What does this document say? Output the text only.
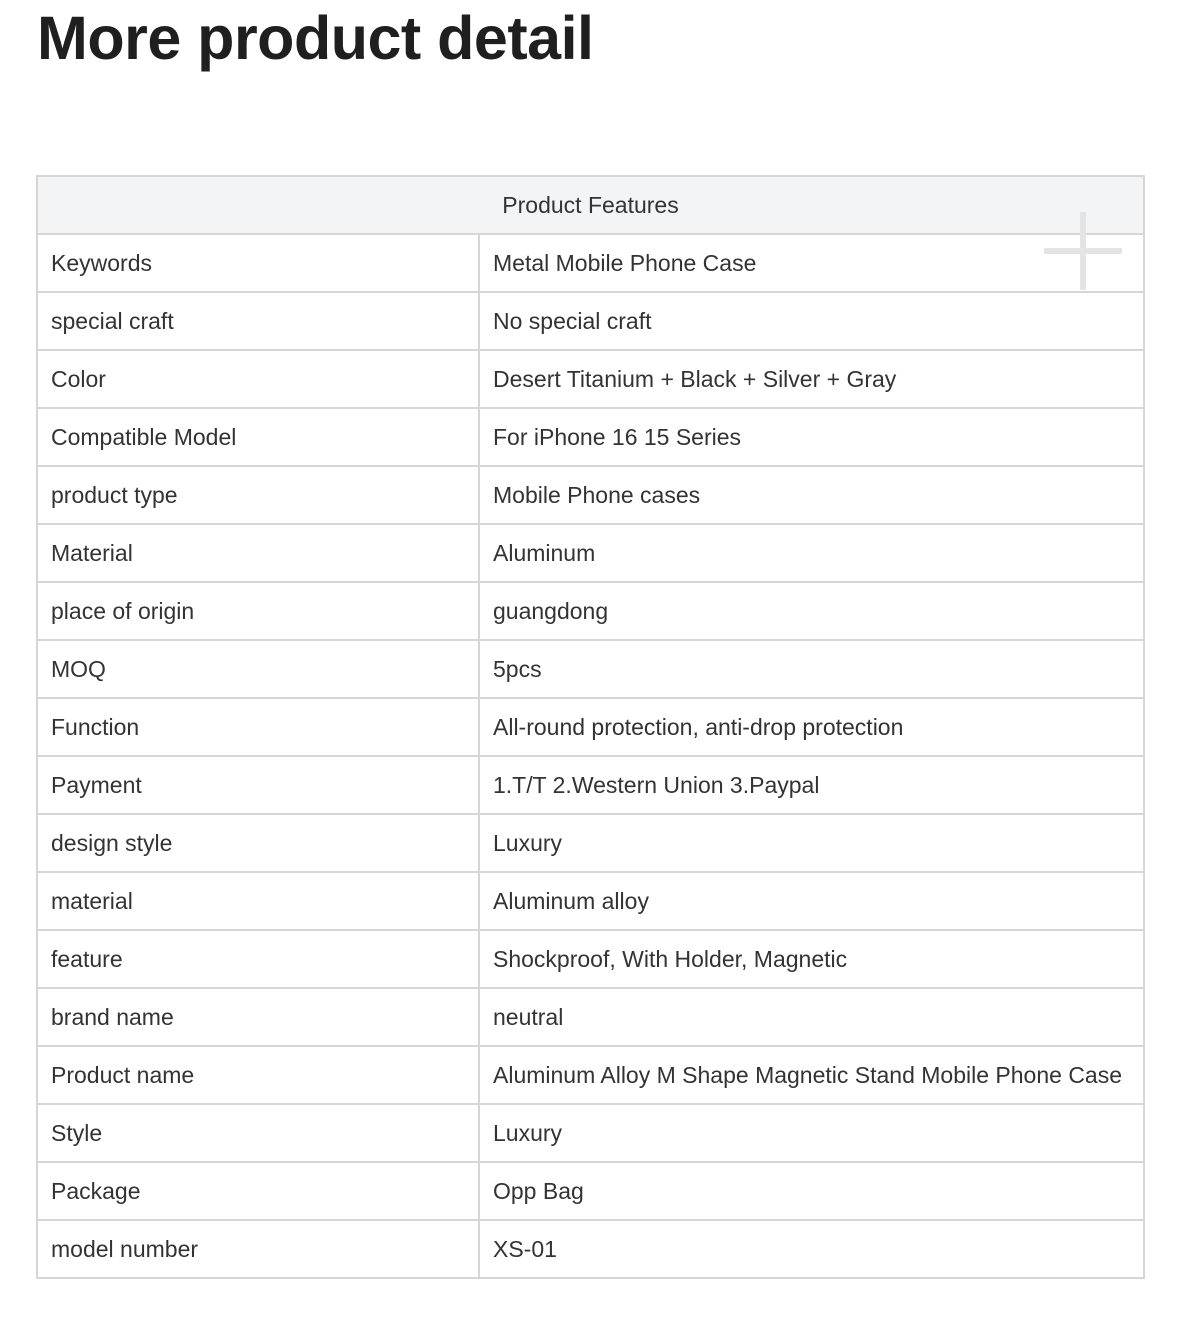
More product detail
Product Features	
Keywords	Metal Mobile Phone Case
special craft	No special craft
Color	Desert Titanium + Black + Silver + Gray
Compatible Model	For iPhone 16 15 Series
product type	Mobile Phone cases
Material	Aluminum
place of origin	guangdong
MOQ	5pcs
Function	All-round protection, anti-drop protection
Payment	1.T/T 2.Western Union 3.Paypal
design style	Luxury
material	Aluminum alloy
feature	Shockproof, With Holder, Magnetic
brand name	neutral
Product name	Aluminum Alloy M Shape Magnetic Stand Mobile Phone Case
Style	Luxury
Package	Opp Bag
model number	XS-01
